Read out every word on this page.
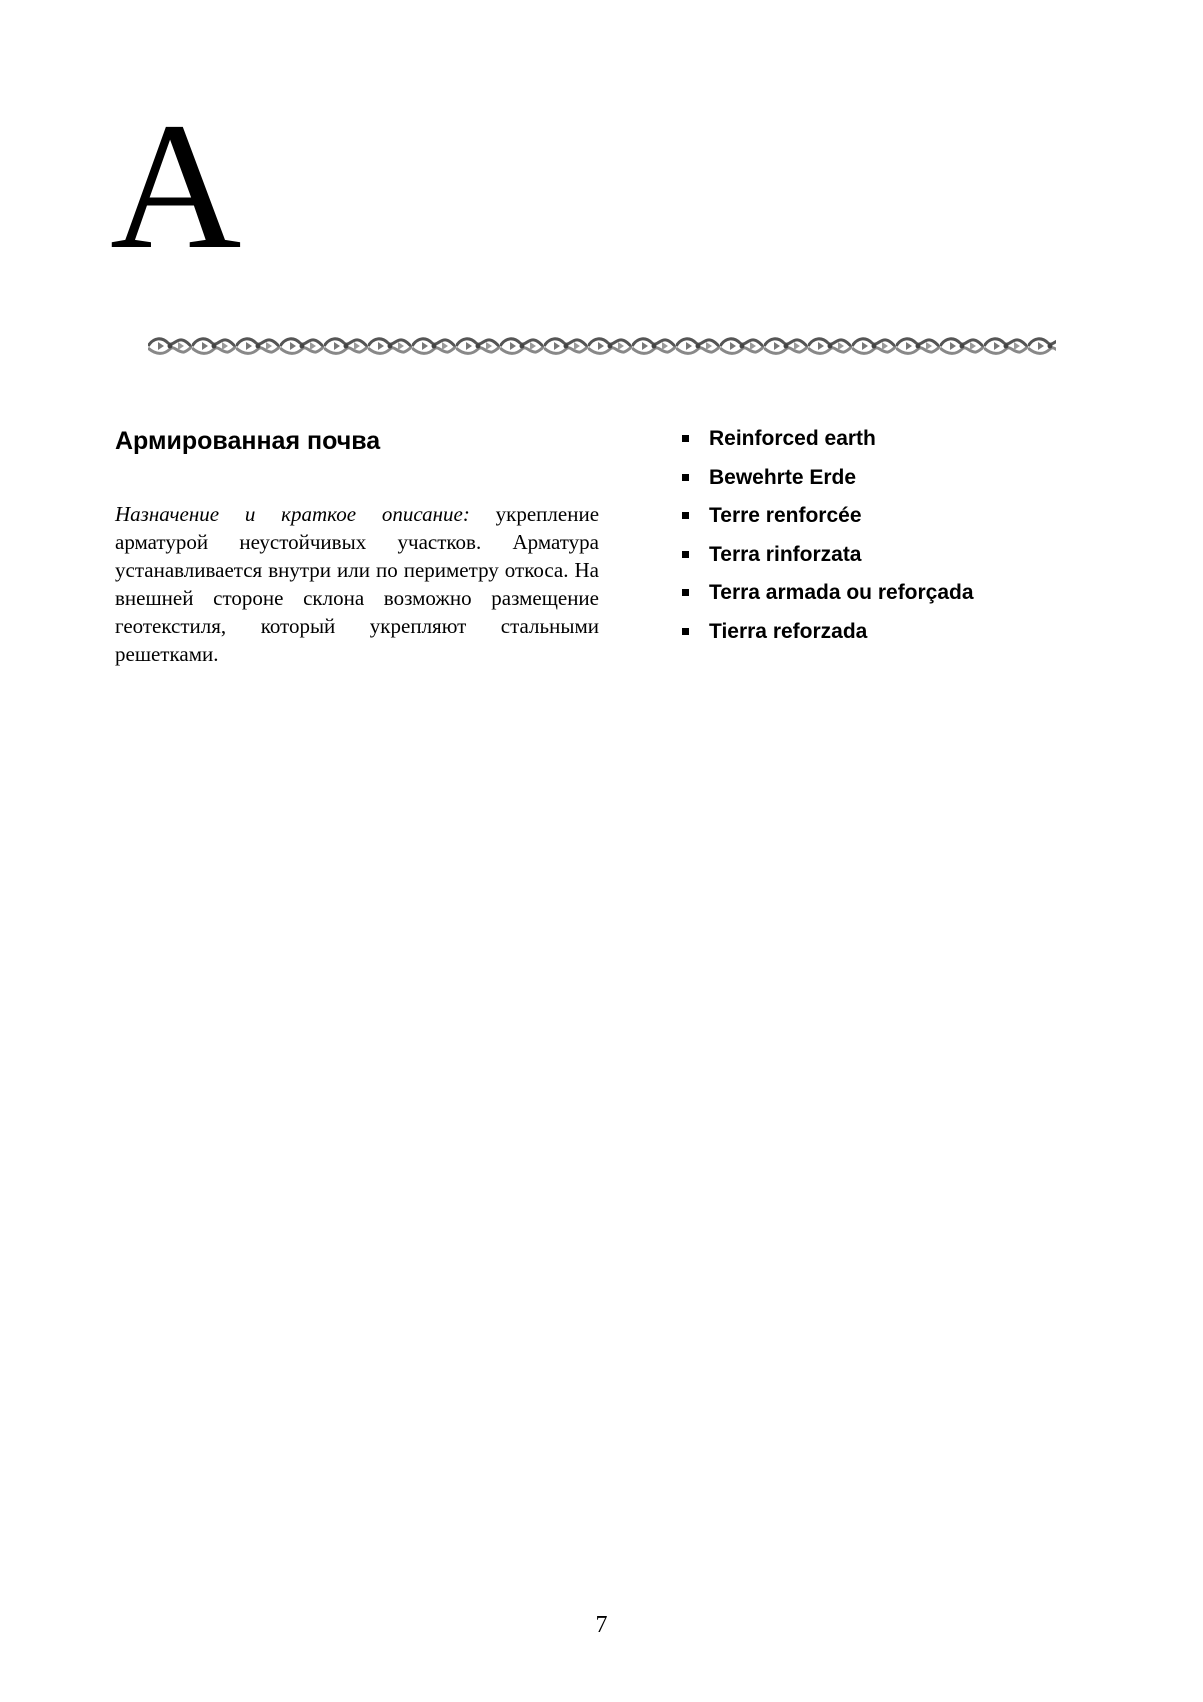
A
Армированная почва

Назначение и краткое описание: укрепление арматурой неустойчивых участков. Арматура устанавливается внутри или по периметру откоса. На внешней стороне склона возможно размещение геотекстиля, который укрепляют стальными решетками.

Reinforced earth
Bewehrte Erde
Terre renforcée
Terra rinforzata
Terra armada ou reforçada
Tierra reforzada
7
